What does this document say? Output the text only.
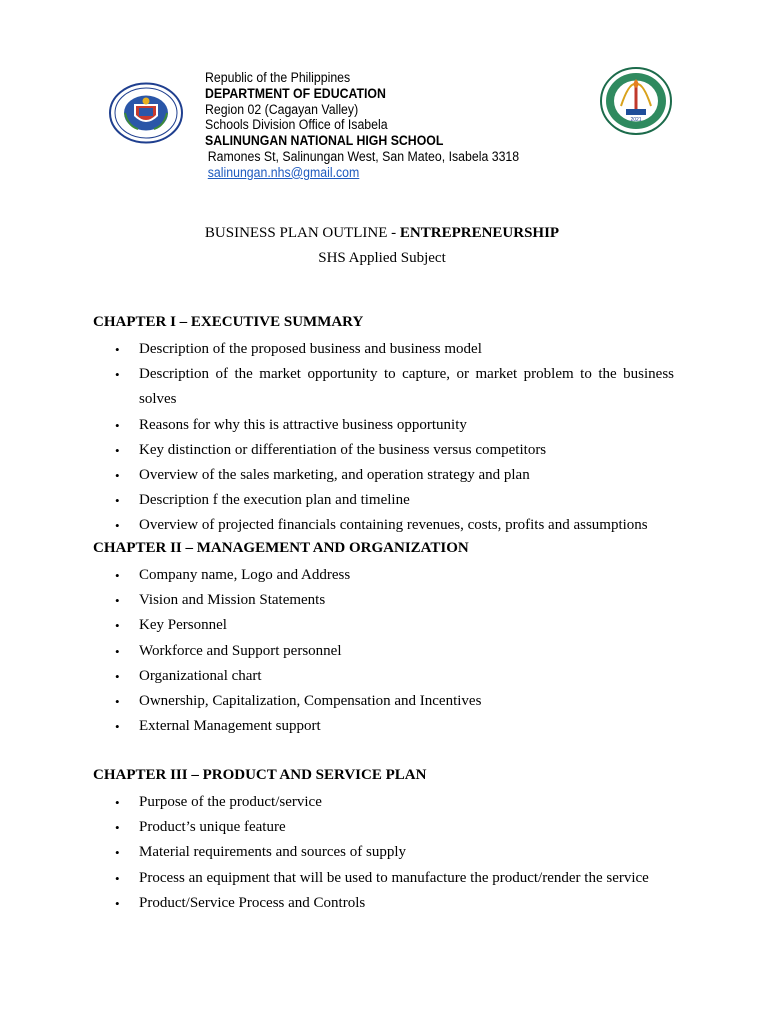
Republic of the Philippines
DEPARTMENT OF EDUCATION
Region 02 (Cagayan Valley)
Schools Division Office of Isabela
SALINUNGAN NATIONAL HIGH SCHOOL
Ramones St, Salinungan West, San Mateo, Isabela 3318
salinungan.nhs@gmail.com
2021
BUSINESS PLAN OUTLINE - ENTREPRENEURSHIP
SHS Applied Subject
CHAPTER I – EXECUTIVE SUMMARY
• Description of the proposed business and business model
• Description of the market opportunity to capture, or market problem to the business solves
• Reasons for why this is attractive business opportunity
• Key distinction or differentiation of the business versus competitors
• Overview of the sales marketing, and operation strategy and plan
• Description f the execution plan and timeline
• Overview of projected financials containing revenues, costs, profits and assumptions
CHAPTER II – MANAGEMENT AND ORGANIZATION
• Company name, Logo and Address
• Vision and Mission Statements
• Key Personnel
• Workforce and Support personnel
• Organizational chart
• Ownership, Capitalization, Compensation and Incentives
• External Management support
CHAPTER III – PRODUCT AND SERVICE PLAN
• Purpose of the product/service
• Product’s unique feature
• Material requirements and sources of supply
• Process an equipment that will be used to manufacture the product/render the service
• Product/Service Process and Controls
